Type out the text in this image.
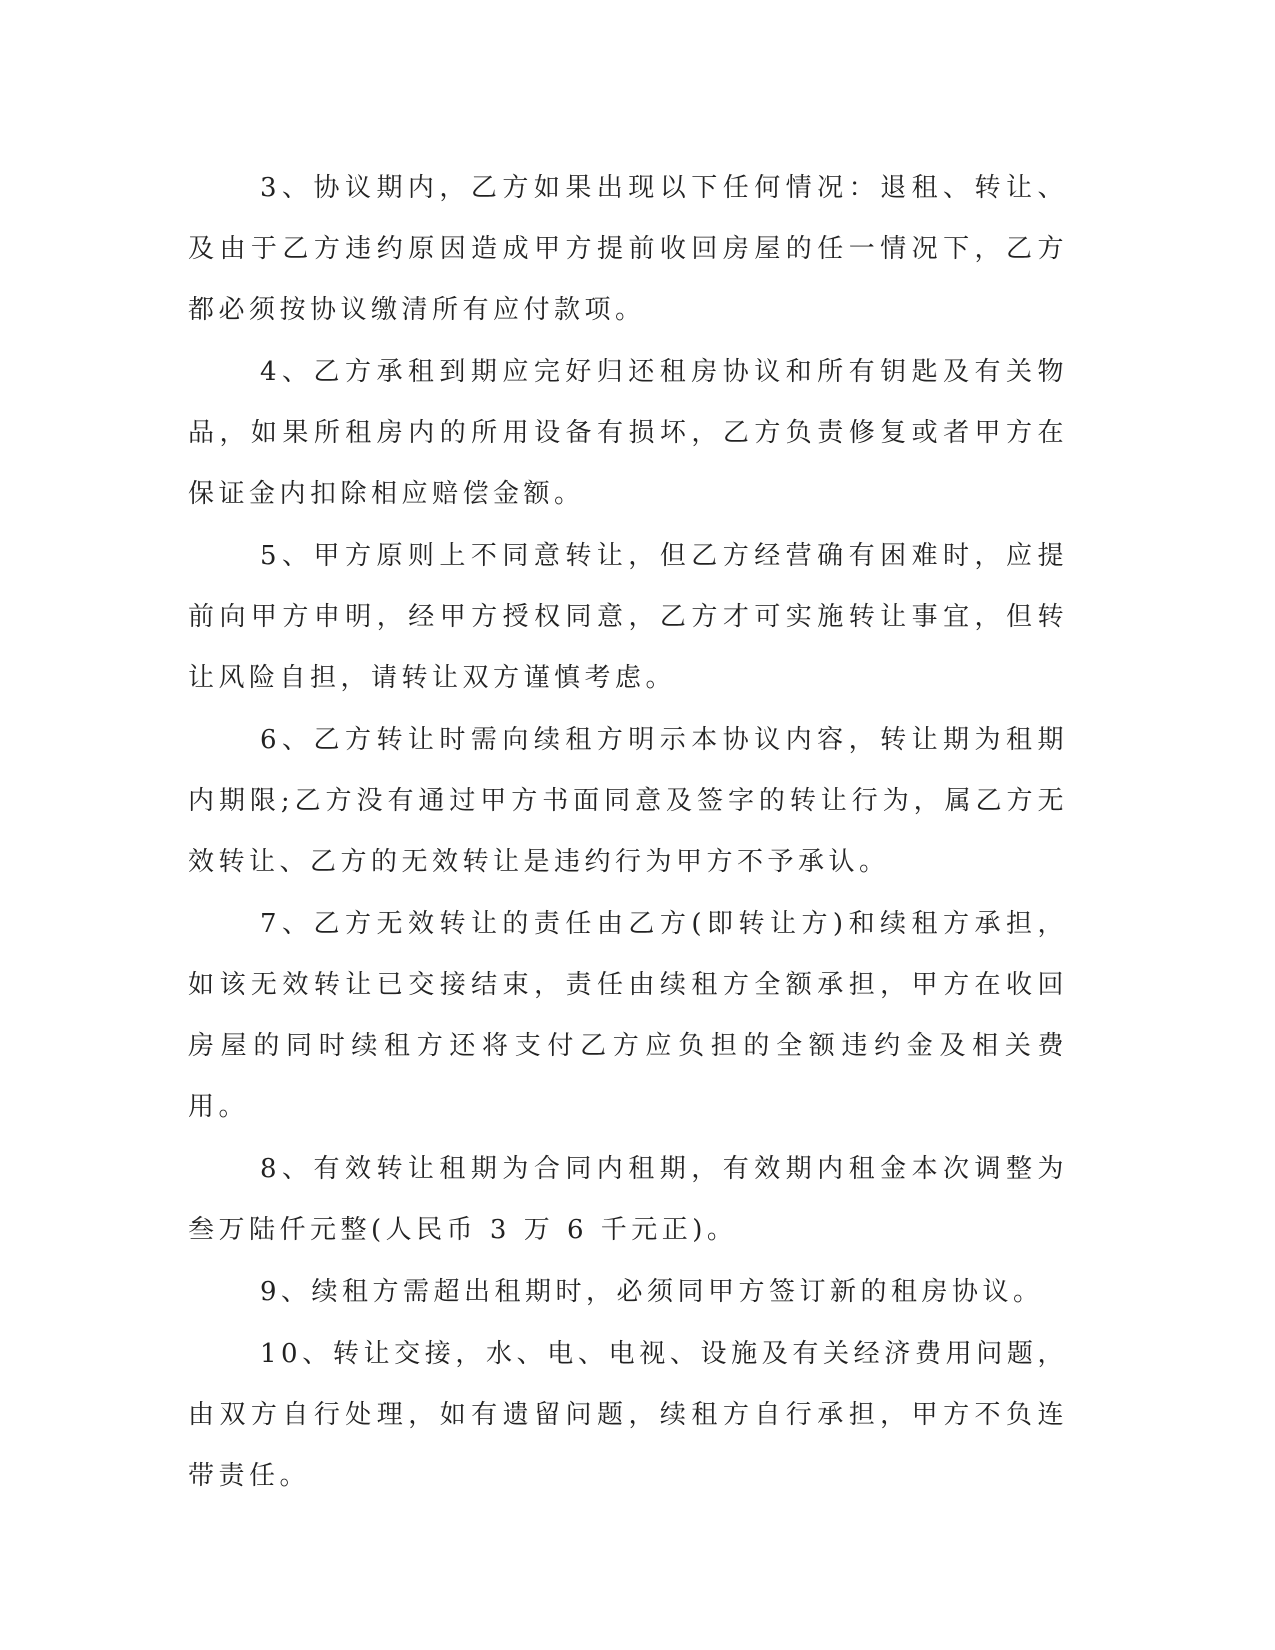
3、协议期内，乙方如果出现以下任何情况：退租、转让、及由于乙方违约原因造成甲方提前收回房屋的任一情况下，乙方都必须按协议缴清所有应付款项。

4、乙方承租到期应完好归还租房协议和所有钥匙及有关物品，如果所租房内的所用设备有损坏，乙方负责修复或者甲方在保证金内扣除相应赔偿金额。

5、甲方原则上不同意转让，但乙方经营确有困难时，应提前向甲方申明，经甲方授权同意，乙方才可实施转让事宜，但转让风险自担，请转让双方谨慎考虑。

6、乙方转让时需向续租方明示本协议内容，转让期为租期内期限;乙方没有通过甲方书面同意及签字的转让行为，属乙方无效转让、乙方的无效转让是违约行为甲方不予承认。

7、乙方无效转让的责任由乙方(即转让方)和续租方承担，如该无效转让已交接结束，责任由续租方全额承担，甲方在收回房屋的同时续租方还将支付乙方应负担的全额违约金及相关费用。

8、有效转让租期为合同内租期，有效期内租金本次调整为叁万陆仟元整(人民币 3 万 6 千元正)。

9、续租方需超出租期时，必须同甲方签订新的租房协议。

10、转让交接，水、电、电视、设施及有关经济费用问题，由双方自行处理，如有遗留问题，续租方自行承担，甲方不负连带责任。
